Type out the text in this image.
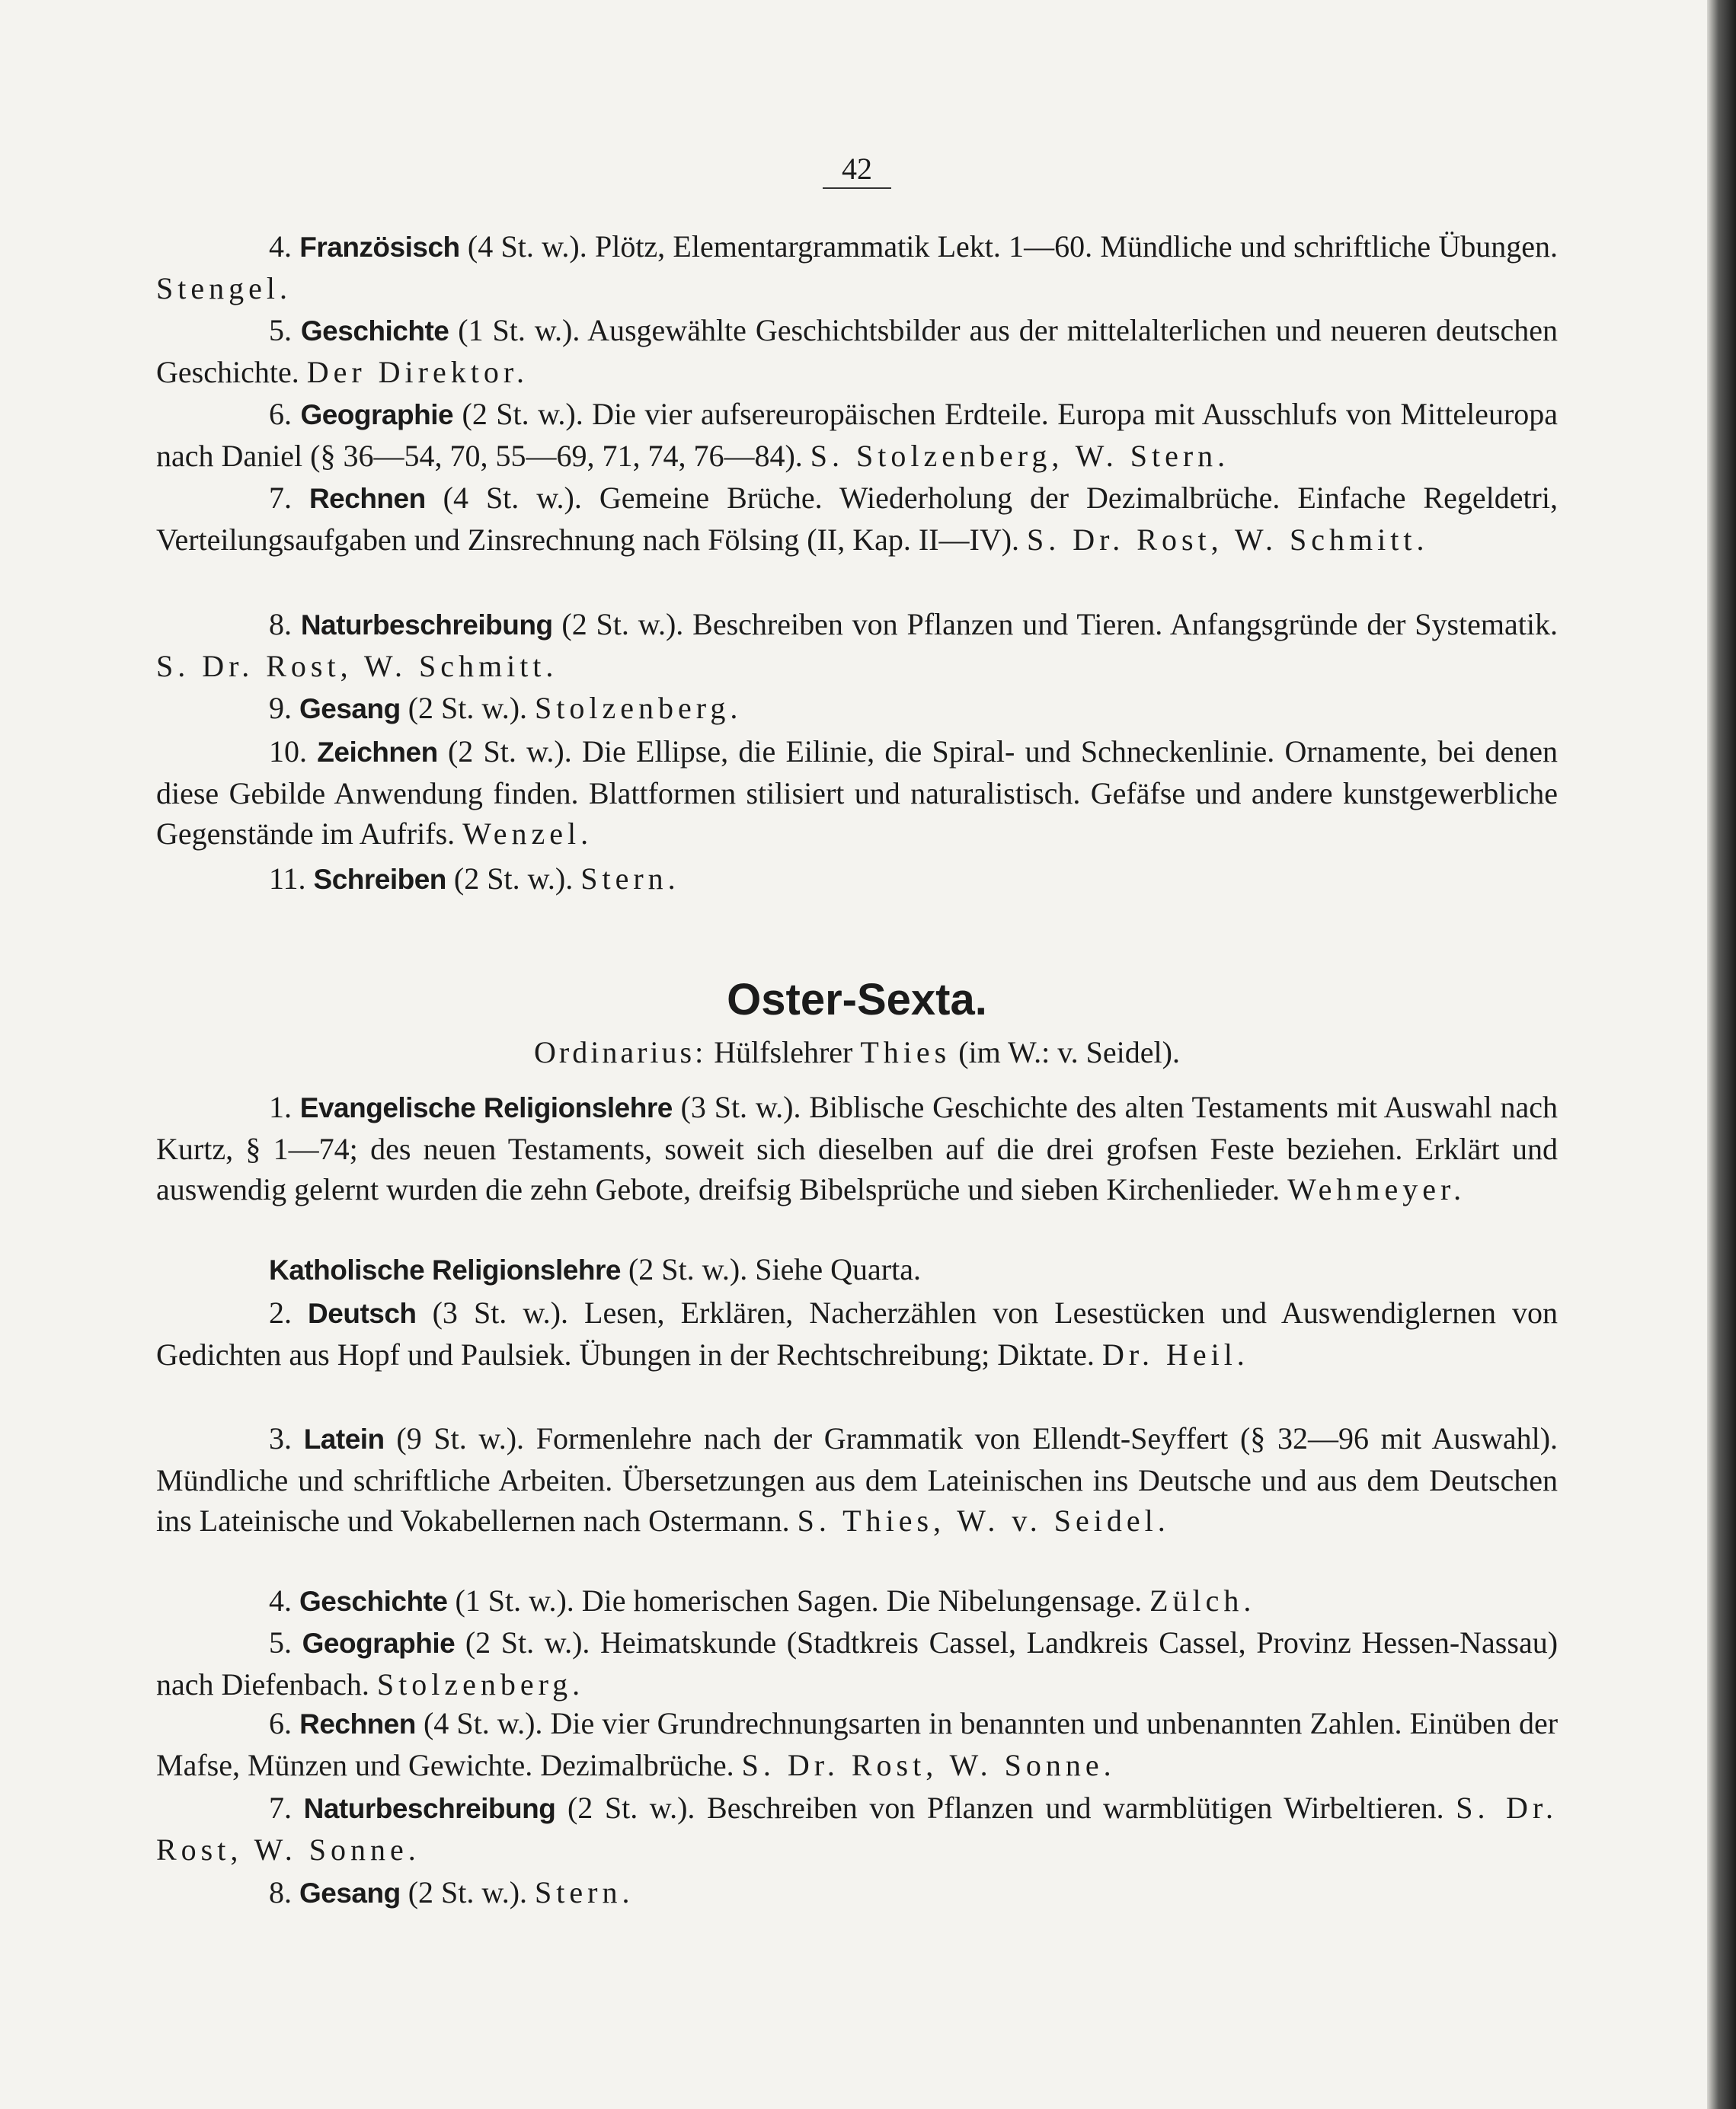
42
4. Französisch (4 St. w.). Plötz, Elementargrammatik Lekt. 1—60. Mündliche und schriftliche Übungen. Stengel.
5. Geschichte (1 St. w.). Ausgewählte Geschichtsbilder aus der mittelalterlichen und neueren deutschen Geschichte. Der Direktor.
6. Geographie (2 St. w.). Die vier aufsereuropäischen Erdteile. Europa mit Ausschlufs von Mitteleuropa nach Daniel (§ 36—54, 70, 55—69, 71, 74, 76—84). S. Stolzenberg, W. Stern.
7. Rechnen (4 St. w.). Gemeine Brüche. Wiederholung der Dezimalbrüche. Einfache Regeldetri, Verteilungsaufgaben und Zinsrechnung nach Fölsing (II, Kap. II—IV). S. Dr. Rost, W. Schmitt.
8. Naturbeschreibung (2 St. w.). Beschreiben von Pflanzen und Tieren. Anfangsgründe der Systematik. S. Dr. Rost, W. Schmitt.
9. Gesang (2 St. w.). Stolzenberg.
10. Zeichnen (2 St. w.). Die Ellipse, die Eilinie, die Spiral- und Schneckenlinie. Ornamente, bei denen diese Gebilde Anwendung finden. Blattformen stilisiert und naturalistisch. Gefäfse und andere kunstgewerbliche Gegenstände im Aufrifs. Wenzel.
11. Schreiben (2 St. w.). Stern.
Oster-Sexta.
Ordinarius: Hülfslehrer Thies (im W.: v. Seidel).
1. Evangelische Religionslehre (3 St. w.). Biblische Geschichte des alten Testaments mit Auswahl nach Kurtz, § 1—74; des neuen Testaments, soweit sich dieselben auf die drei grofsen Feste beziehen. Erklärt und auswendig gelernt wurden die zehn Gebote, dreifsig Bibelsprüche und sieben Kirchenlieder. Wehmeyer.
Katholische Religionslehre (2 St. w.). Siehe Quarta.
2. Deutsch (3 St. w.). Lesen, Erklären, Nacherzählen von Lesestücken und Auswendiglernen von Gedichten aus Hopf und Paulsiek. Übungen in der Rechtschreibung; Diktate. Dr. Heil.
3. Latein (9 St. w.). Formenlehre nach der Grammatik von Ellendt-Seyffert (§ 32—96 mit Auswahl). Mündliche und schriftliche Arbeiten. Übersetzungen aus dem Lateinischen ins Deutsche und aus dem Deutschen ins Lateinische und Vokabellernen nach Ostermann. S. Thies, W. v. Seidel.
4. Geschichte (1 St. w.). Die homerischen Sagen. Die Nibelungensage. Zülch.
5. Geographie (2 St. w.). Heimatskunde (Stadtkreis Cassel, Landkreis Cassel, Provinz Hessen-Nassau) nach Diefenbach. Stolzenberg.
6. Rechnen (4 St. w.). Die vier Grundrechnungsarten in benannten und unbenannten Zahlen. Einüben der Mafse, Münzen und Gewichte. Dezimalbrüche. S. Dr. Rost, W. Sonne.
7. Naturbeschreibung (2 St. w.). Beschreiben von Pflanzen und warmblütigen Wirbeltieren. S. Dr. Rost, W. Sonne.
8. Gesang (2 St. w.). Stern.
